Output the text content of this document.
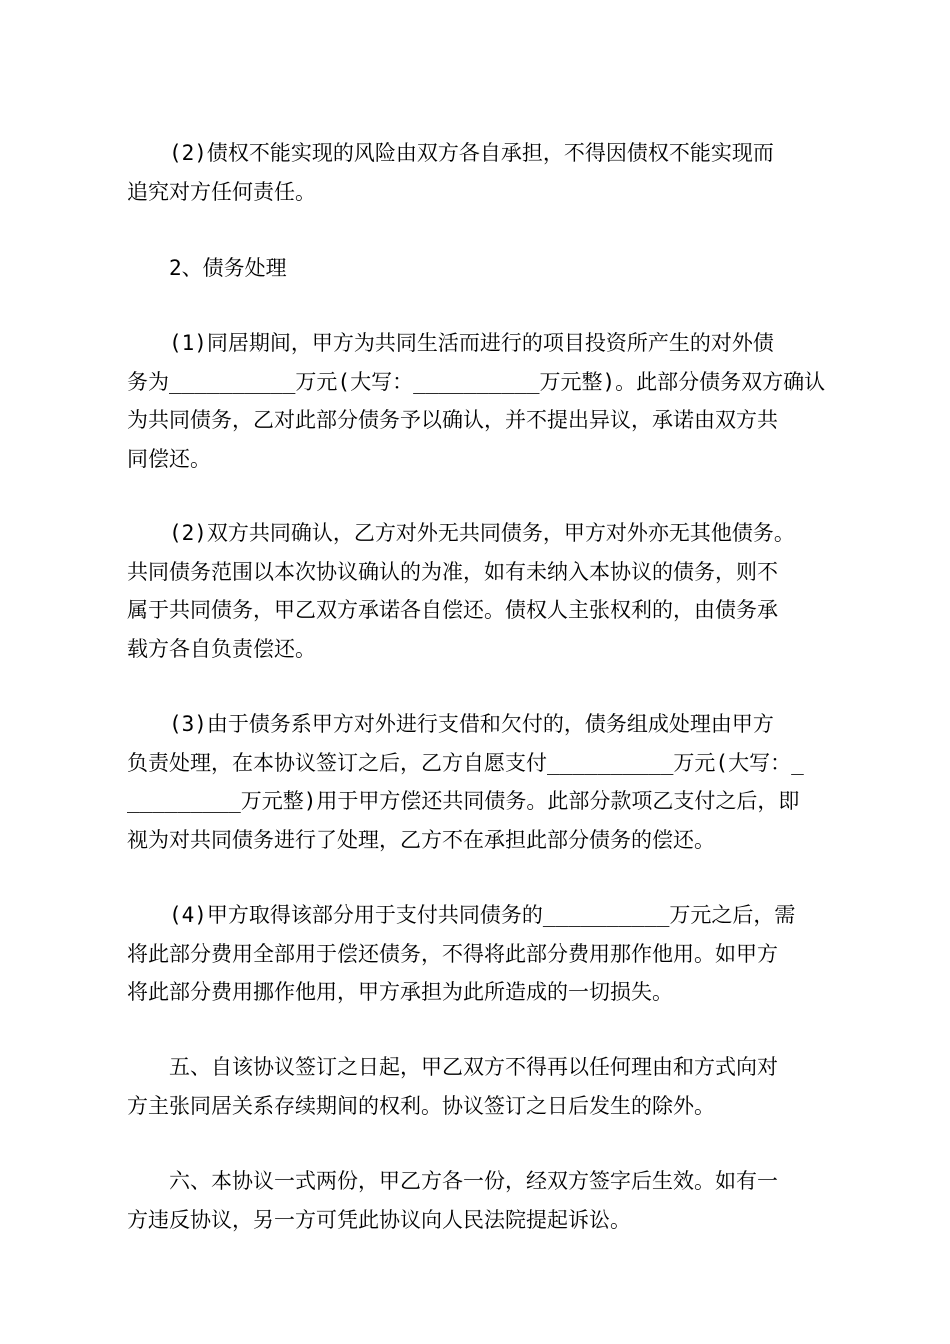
(2)债权不能实现的风险由双方各自承担，不得因债权不能实现而
追究对方任何责任。

2、债务处理

(1)同居期间，甲方为共同生活而进行的项目投资所产生的对外债
务为__________万元(大写：__________万元整)。此部分债务双方确认
为共同债务，乙对此部分债务予以确认，并不提出异议，承诺由双方共
同偿还。

(2)双方共同确认，乙方对外无共同债务，甲方对外亦无其他债务。
共同债务范围以本次协议确认的为准，如有未纳入本协议的债务，则不
属于共同债务，甲乙双方承诺各自偿还。债权人主张权利的，由债务承
载方各自负责偿还。

(3)由于债务系甲方对外进行支借和欠付的，债务组成处理由甲方
负责处理，在本协议签订之后，乙方自愿支付__________万元(大写：_
_________万元整)用于甲方偿还共同债务。此部分款项乙支付之后，即
视为对共同债务进行了处理，乙方不在承担此部分债务的偿还。

(4)甲方取得该部分用于支付共同债务的__________万元之后，需
将此部分费用全部用于偿还债务，不得将此部分费用那作他用。如甲方
将此部分费用挪作他用，甲方承担为此所造成的一切损失。

五、自该协议签订之日起，甲乙双方不得再以任何理由和方式向对
方主张同居关系存续期间的权利。协议签订之日后发生的除外。

六、本协议一式两份，甲乙方各一份，经双方签字后生效。如有一
方违反协议，另一方可凭此协议向人民法院提起诉讼。
